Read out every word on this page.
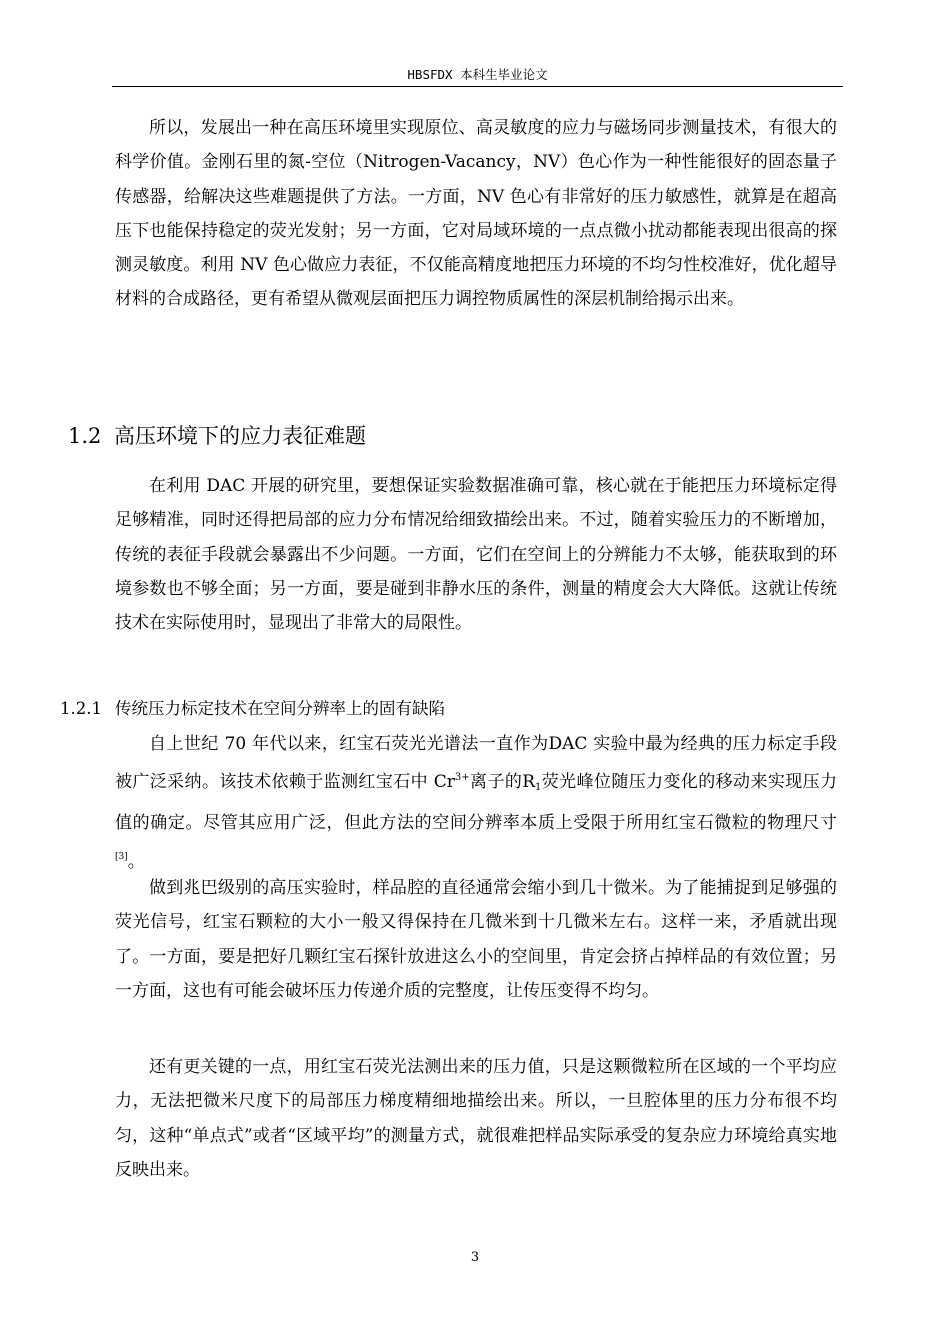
HBSFDX 本科生毕业论文

所以，发展出一种在高压环境里实现原位、高灵敏度的应力与磁场同步测量技术，有很大的科学价值。金刚石里的氮-空位（Nitrogen-Vacancy，NV）色心作为一种性能很好的固态量子传感器，给解决这些难题提供了方法。一方面，NV 色心有非常好的压力敏感性，就算是在超高压下也能保持稳定的荧光发射；另一方面，它对局域环境的一点点微小扰动都能表现出很高的探测灵敏度。利用 NV 色心做应力表征，不仅能高精度地把压力环境的不均匀性校准好，优化超导材料的合成路径，更有希望从微观层面把压力调控物质属性的深层机制给揭示出来。

1.2 高压环境下的应力表征难题

在利用 DAC 开展的研究里，要想保证实验数据准确可靠，核心就在于能把压力环境标定得足够精准，同时还得把局部的应力分布情况给细致描绘出来。不过，随着实验压力的不断增加，传统的表征手段就会暴露出不少问题。一方面，它们在空间上的分辨能力不太够，能获取到的环境参数也不够全面；另一方面，要是碰到非静水压的条件，测量的精度会大大降低。这就让传统技术在实际使用时，显现出了非常大的局限性。

1.2.1 传统压力标定技术在空间分辨率上的固有缺陷

自上世纪 70 年代以来，红宝石荧光光谱法一直作为DAC 实验中最为经典的压力标定手段被广泛采纳。该技术依赖于监测红宝石中 $Cr^{3+}$离子的$R_1$荧光峰位随压力变化的移动来实现压力值的确定。尽管其应用广泛，但此方法的空间分辨率本质上受限于所用红宝石微粒的物理尺寸[3]。

做到兆巴级别的高压实验时，样品腔的直径通常会缩小到几十微米。为了能捕捉到足够强的荧光信号，红宝石颗粒的大小一般又得保持在几微米到十几微米左右。这样一来，矛盾就出现了。一方面，要是把好几颗红宝石探针放进这么小的空间里，肯定会挤占掉样品的有效位置；另一方面，这也有可能会破坏压力传递介质的完整度，让传压变得不均匀。

还有更关键的一点，用红宝石荧光法测出来的压力值，只是这颗微粒所在区域的一个平均应力，无法把微米尺度下的局部压力梯度精细地描绘出来。所以，一旦腔体里的压力分布很不均匀，这种“单点式”或者“区域平均”的测量方式，就很难把样品实际承受的复杂应力环境给真实地反映出来。

3
